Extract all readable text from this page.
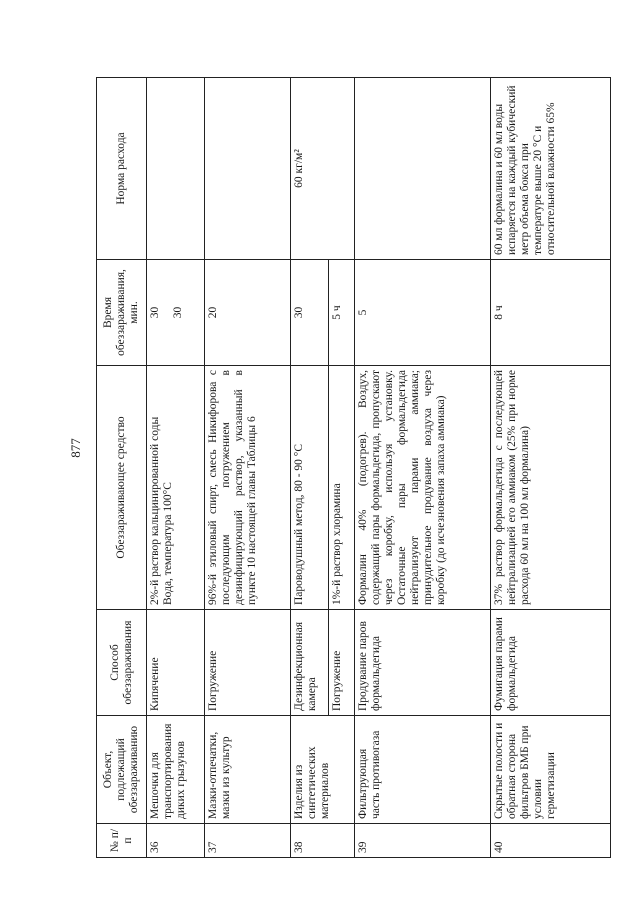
877
№ п/п	Объект, подлежащий обеззараживанию	Способ обеззараживания	Обеззараживающее средство	Время обеззараживания, мин.	Норма расхода
36	Мешочки для транспортирования диких грызунов	Кипячение	2%-й раствор кальцинированной соды Вода, температура 100°С	30 30	

37	Мазки-отпечатки, мазки из культур	Погружение	96%-й этиловый спирт, смесь Никифорова с последующим погружением в дезинфицирующий раствор, указанный в пункте 10 настоящей главы Таблицы 6	20	
38	Изделия из синтетических материалов	Дезинфекционная камера	Пароводушный метод, 80 - 90 °С	30	60 кг/м²
		Погружение	1%-й раствор хлорамина	5 ч	
39	Фильтрующая часть противогаза	Продувание паров формальдегида	Формалин 40% (подогрев). Воздух, содержащий пары формальдегида, пропускают через коробку, используя установку. Остаточные пары формальдегида нейтрализуют парами аммиака; принудительное продувание воздуха через коробку (до исчезновения запаха аммиака)	5	
40	Скрытые полости и обратная сторона фильтров БМБ при условии герметизации	Фумигация парами формальдегида	37% раствор формальдегида с последующей нейтрализацией его аммиаком (25% при норме расхода 60 мл на 100 мл формалина)	8 ч	60 мл формалина и 60 мл воды испаряется на каждый кубический метр объема бокса при температуре выше 20 °С и относительной влажности 65%
